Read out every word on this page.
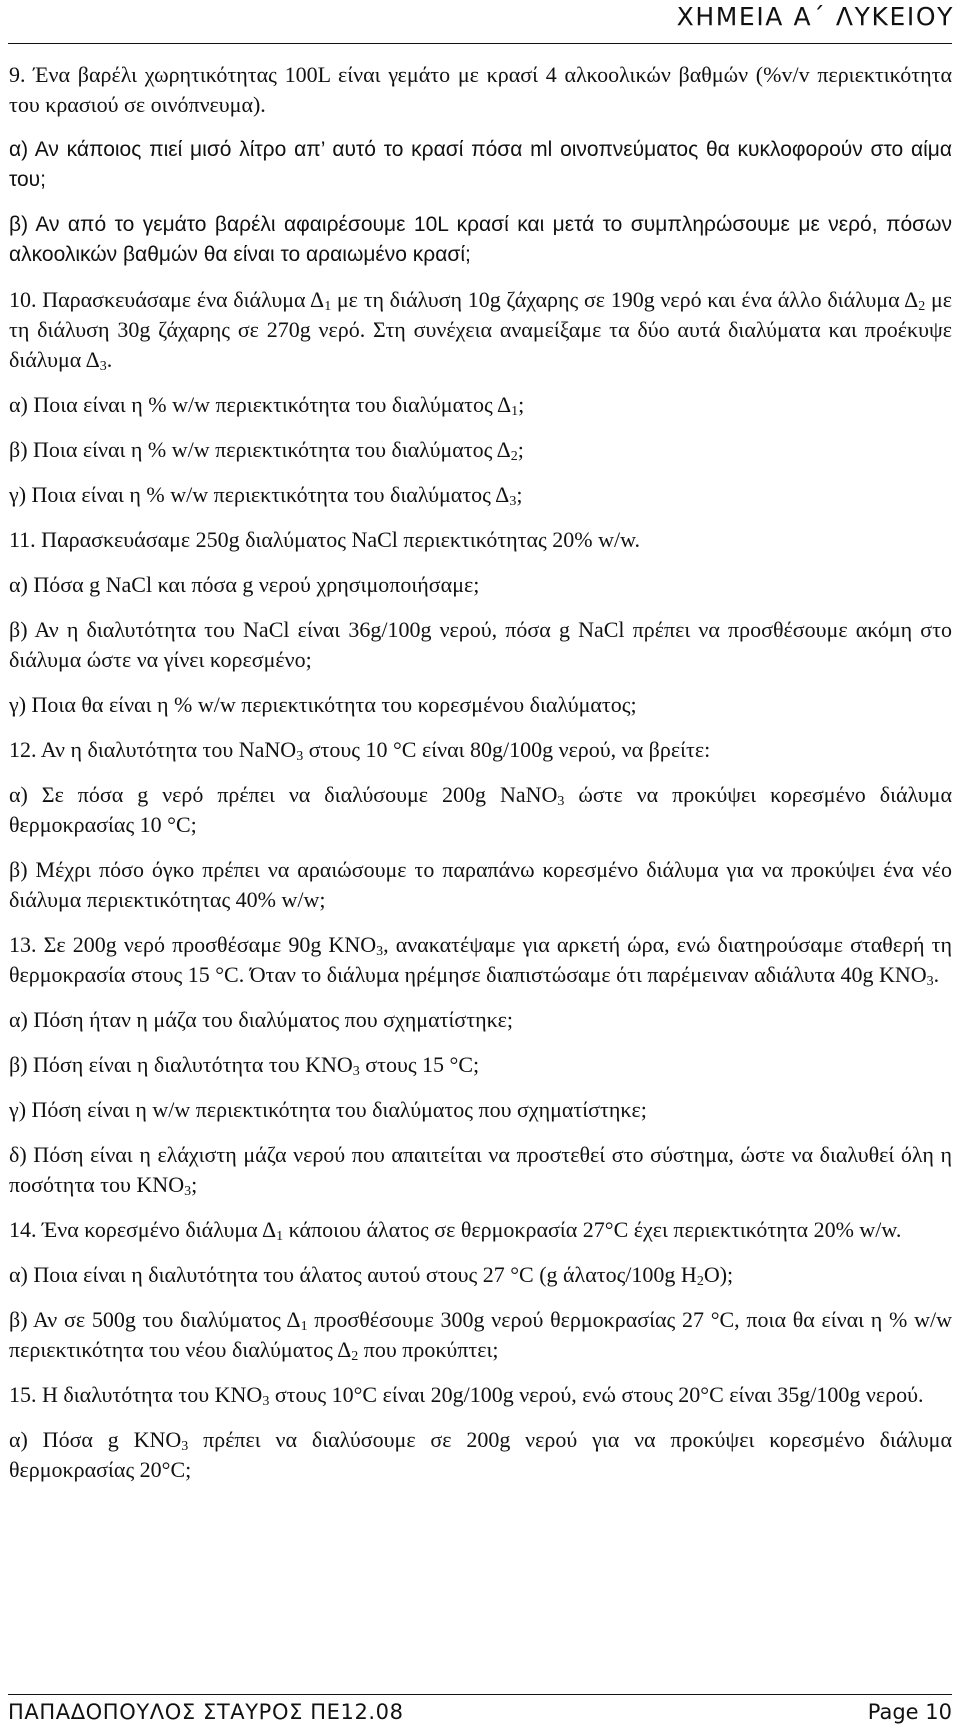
ΧΗΜΕΙΑ Α΄ ΛΥΚΕΙΟΥ

9. Ένα βαρέλι χωρητικότητας 100L είναι γεμάτο με κρασί 4 αλκοολικών βαθμών (%v/v περιεκτικότητα του κρασιού σε οινόπνευμα).

α) Αν κάποιος πιεί μισό λίτρο απ’ αυτό το κρασί πόσα ml οινοπνεύματος θα κυκλοφορούν στο αίμα του;

β) Αν από το γεμάτο βαρέλι αφαιρέσουμε 10L κρασί και μετά το συμπληρώσουμε με νερό, πόσων αλκοολικών βαθμών θα είναι το αραιωμένο κρασί;

10. Παρασκευάσαμε ένα διάλυμα $\Delta_1$ με τη διάλυση 10g ζάχαρης σε 190g νερό και ένα άλλο διάλυμα $\Delta_2$ με τη διάλυση 30g ζάχαρης σε 270g νερό. Στη συνέχεια αναμείξαμε τα δύο αυτά διαλύματα και προέκυψε διάλυμα $\Delta_3$.

α) Ποια είναι η % w/w περιεκτικότητα του διαλύματος $\Delta_1$;

β) Ποια είναι η % w/w περιεκτικότητα του διαλύματος $\Delta_2$;

γ) Ποια είναι η % w/w περιεκτικότητα του διαλύματος $\Delta_3$;

11. Παρασκευάσαμε 250g διαλύματος NaCl περιεκτικότητας 20% w/w.

α) Πόσα g NaCl και πόσα g νερού χρησιμοποιήσαμε;

β) Αν η διαλυτότητα του NaCl είναι 36g/100g νερού, πόσα g NaCl πρέπει να προσθέσουμε ακόμη στο διάλυμα ώστε να γίνει κορεσμένο;

γ) Ποια θα είναι η % w/w περιεκτικότητα του κορεσμένου διαλύματος;

12. Αν η διαλυτότητα του NaNO$_3$ στους 10 °C είναι 80g/100g νερού, να βρείτε:

α) Σε πόσα g νερό πρέπει να διαλύσουμε 200g NaNO$_3$ ώστε να προκύψει κορεσμένο διάλυμα θερμοκρασίας 10 °C;

β) Μέχρι πόσο όγκο πρέπει να αραιώσουμε το παραπάνω κορεσμένο διάλυμα για να προκύψει ένα νέο διάλυμα περιεκτικότητας 40% w/w;

13. Σε 200g νερό προσθέσαμε 90g $KNO_3$, ανακατέψαμε για αρκετή ώρα, ενώ διατηρούσαμε σταθερή τη θερμοκρασία στους 15 °C. Όταν το διάλυμα ηρέμησε διαπιστώσαμε ότι παρέμειναν αδιάλυτα 40g $KNO_3$.

α) Πόση ήταν η μάζα του διαλύματος που σχηματίστηκε;

β) Πόση είναι η διαλυτότητα του $KNO_3$ στους 15 °C;

γ) Πόση είναι η w/w περιεκτικότητα του διαλύματος που σχηματίστηκε;

δ) Πόση είναι η ελάχιστη μάζα νερού που απαιτείται να προστεθεί στο σύστημα, ώστε να διαλυθεί όλη η ποσότητα του $KNO_3$;

14. Ένα κορεσμένο διάλυμα $\Delta_1$ κάποιου άλατος σε θερμοκρασία 27°C έχει περιεκτικότητα 20% w/w.

α) Ποια είναι η διαλυτότητα του άλατος αυτού στους 27 °C (g άλατος/100g $H_2O$);

β) Αν σε 500g του διαλύματος $\Delta_1$ προσθέσουμε 300g νερού θερμοκρασίας 27 °C, ποια θα είναι η % w/w περιεκτικότητα του νέου διαλύματος $\Delta_2$ που προκύπτει;

15. Η διαλυτότητα του $KNO_3$ στους 10°C είναι 20g/100g νερού, ενώ στους 20°C είναι 35g/100g νερού.

α) Πόσα g $KNO_3$ πρέπει να διαλύσουμε σε 200g νερού για να προκύψει κορεσμένο διάλυμα θερμοκρασίας 20°C;

ΠΑΠΑΔΟΠΟΥΛΟΣ ΣΤΑΥΡΟΣ ΠΕ12.08	Page 10
